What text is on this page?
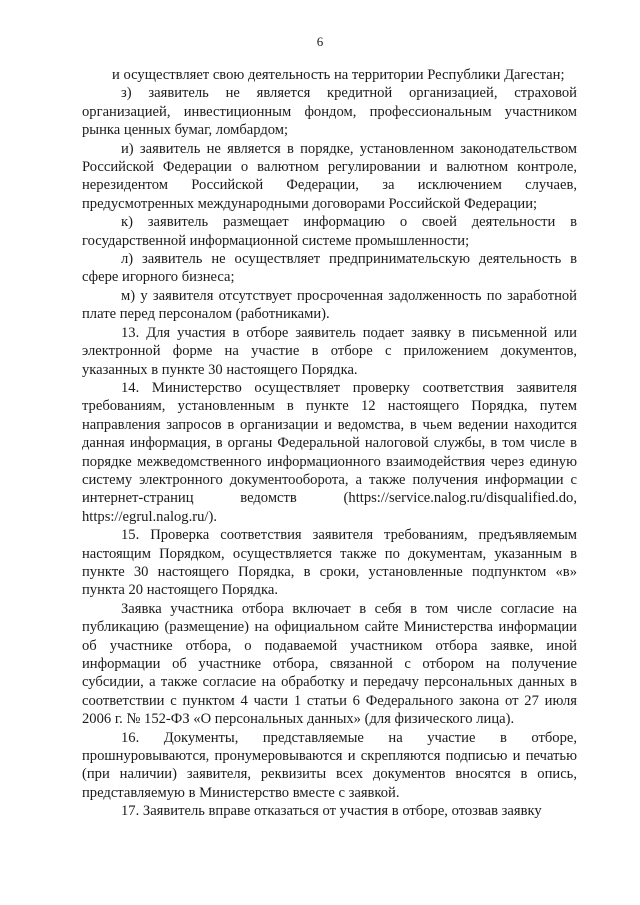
6

и осуществляет свою деятельность на территории Республики Дагестан;

з) заявитель не является кредитной организацией, страховой организацией, инвестиционным фондом, профессиональным участником рынка ценных бумаг, ломбардом;

и) заявитель не является в порядке, установленном законодательством Российской Федерации о валютном регулировании и валютном контроле, нерезидентом Российской Федерации, за исключением случаев, предусмотренных международными договорами Российской Федерации;

к) заявитель размещает информацию о своей деятельности в государственной информационной системе промышленности;

л) заявитель не осуществляет предпринимательскую деятельность в сфере игорного бизнеса;

м) у заявителя отсутствует просроченная задолженность по заработной плате перед персоналом (работниками).

13. Для участия в отборе заявитель подает заявку в письменной или электронной форме на участие в отборе с приложением документов, указанных в пункте 30 настоящего Порядка.

14. Министерство осуществляет проверку соответствия заявителя требованиям, установленным в пункте 12 настоящего Порядка, путем направления запросов в организации и ведомства, в чьем ведении находится данная информация, в органы Федеральной налоговой службы, в том числе в порядке межведомственного информационного взаимодействия через единую систему электронного документооборота, а также получения информации с интернет-страниц ведомств (https://service.nalog.ru/disqualified.do, https://egrul.nalog.ru/).

15. Проверка соответствия заявителя требованиям, предъявляемым настоящим Порядком, осуществляется также по документам, указанным в пункте 30 настоящего Порядка, в сроки, установленные подпунктом «в» пункта 20 настоящего Порядка.

Заявка участника отбора включает в себя в том числе согласие на публикацию (размещение) на официальном сайте Министерства информации об участнике отбора, о подаваемой участником отбора заявке, иной информации об участнике отбора, связанной с отбором на получение субсидии, а также согласие на обработку и передачу персональных данных в соответствии с пунктом 4 части 1 статьи 6 Федерального закона от 27 июля 2006 г. № 152-ФЗ «О персональных данных» (для физического лица).

16. Документы, представляемые на участие в отборе, прошнуровываются, пронумеровываются и скрепляются подписью и печатью (при наличии) заявителя, реквизиты всех документов вносятся в опись, представляемую в Министерство вместе с заявкой.

17. Заявитель вправе отказаться от участия в отборе, отозвав заявку
